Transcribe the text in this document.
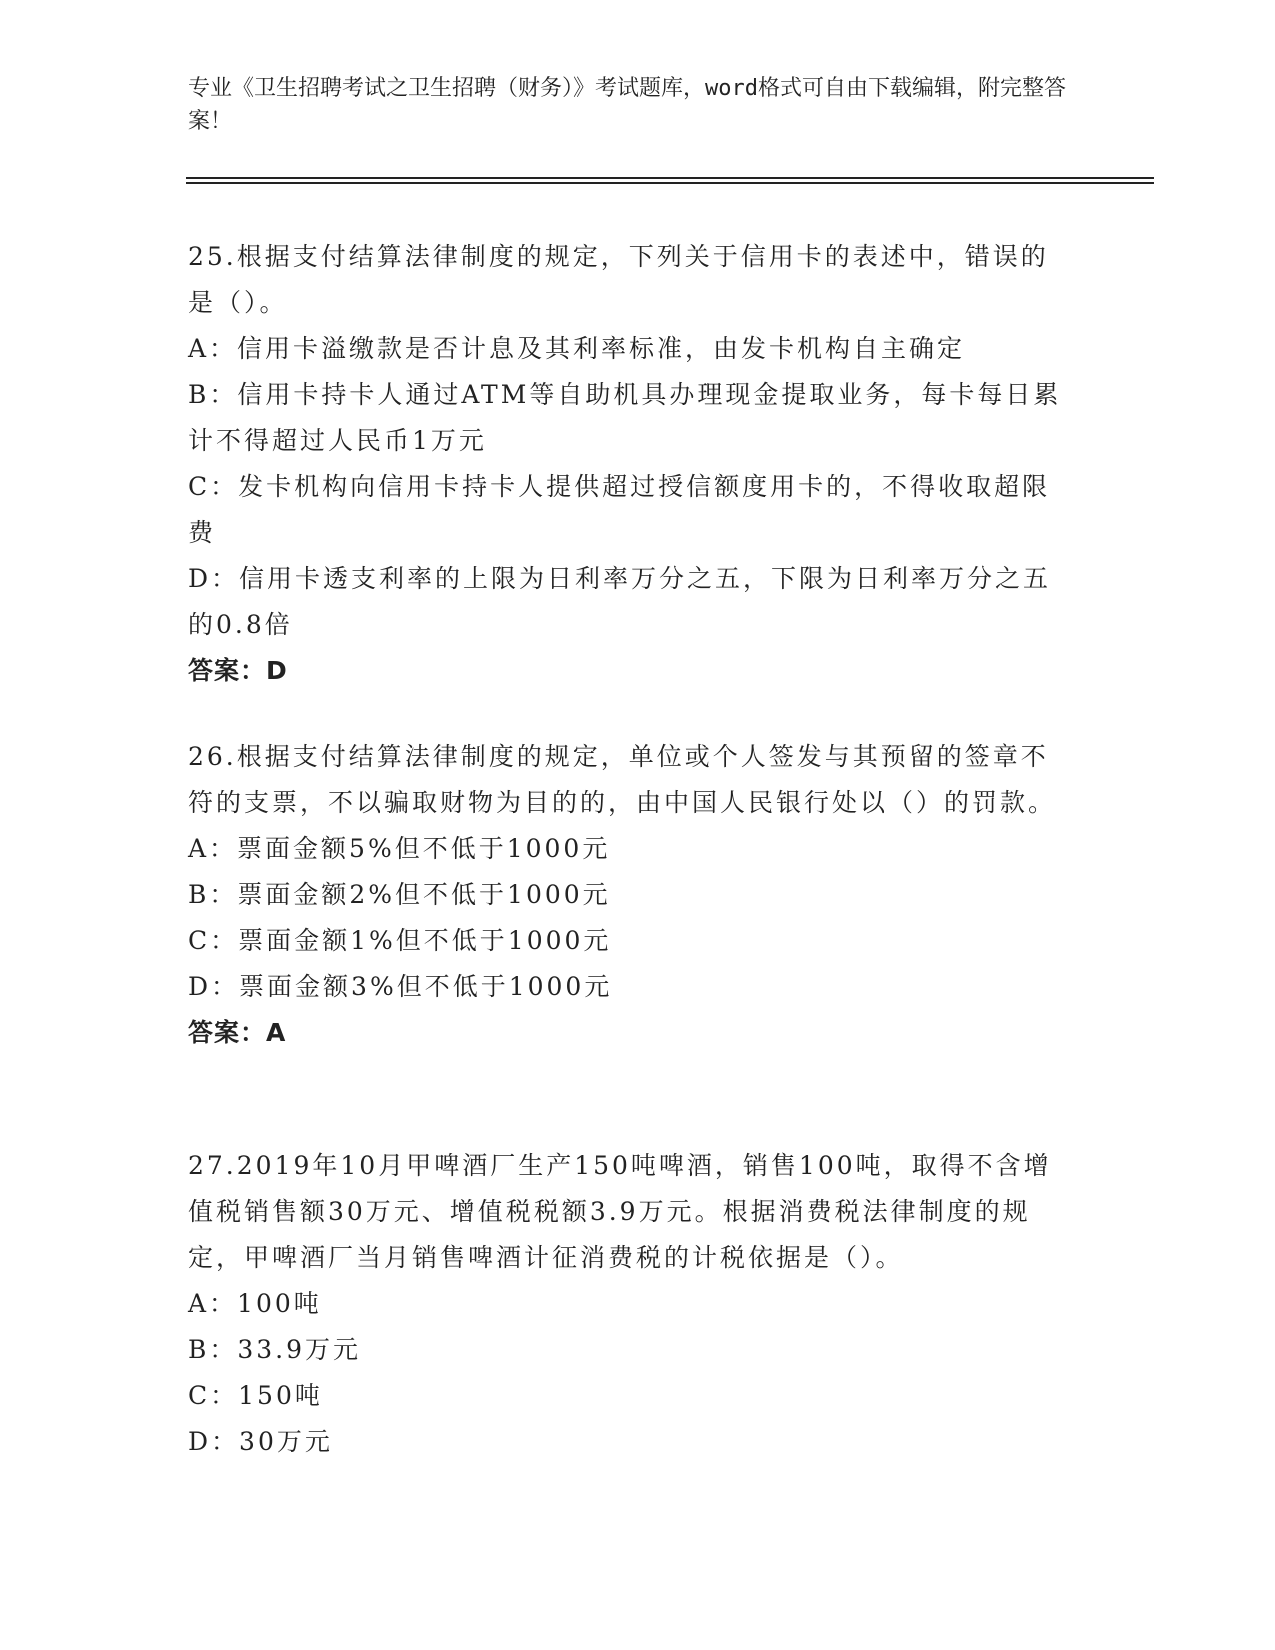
专业《卫生招聘考试之卫生招聘（财务）》考试题库，word格式可自由下载编辑，附完整答案！

25.根据支付结算法律制度的规定，下列关于信用卡的表述中，错误的是（）。

A：信用卡溢缴款是否计息及其利率标准，由发卡机构自主确定

B：信用卡持卡人通过ATM等自助机具办理现金提取业务，每卡每日累计不得超过人民币1万元

C：发卡机构向信用卡持卡人提供超过授信额度用卡的，不得收取超限费

D：信用卡透支利率的上限为日利率万分之五，下限为日利率万分之五的0.8倍

答案：D

26.根据支付结算法律制度的规定，单位或个人签发与其预留的签章不符的支票，不以骗取财物为目的的，由中国人民银行处以（）的罚款。

A：票面金额5%但不低于1000元

B：票面金额2%但不低于1000元

C：票面金额1%但不低于1000元

D：票面金额3%但不低于1000元

答案：A

27.2019年10月甲啤酒厂生产150吨啤酒，销售100吨，取得不含增值税销售额30万元、增值税税额3.9万元。根据消费税法律制度的规定，甲啤酒厂当月销售啤酒计征消费税的计税依据是（）。

A：100吨

B：33.9万元

C：150吨

D：30万元
